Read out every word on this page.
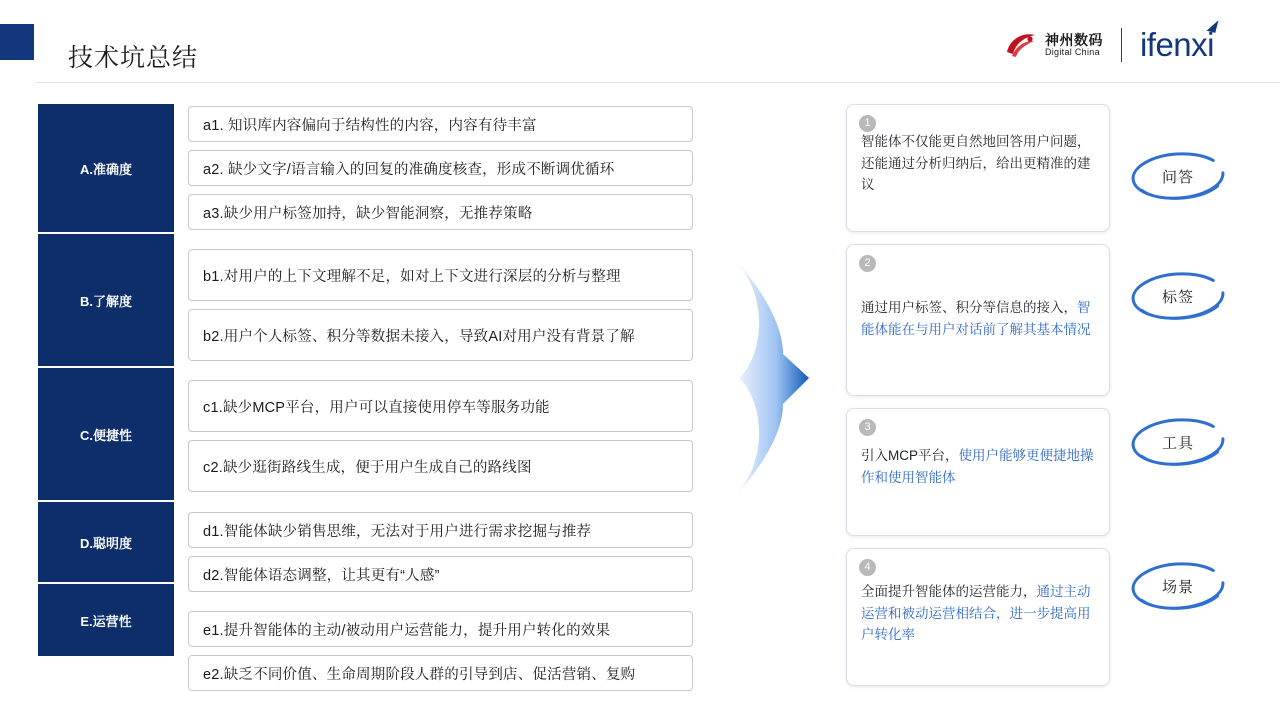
技术坑总结
神州数码
Digital China ifenxi
A.准确度
B.了解度
C.便捷性
D.聪明度
E.运营性
a1. 知识库内容偏向于结构性的内容，内容有待丰富
a2. 缺少文字/语言输入的回复的准确度核查，形成不断调优循环
a3.缺少用户标签加持，缺少智能洞察，无推荐策略
b1.对用户的上下文理解不足，如对上下文进行深层的分析与整理
b2.用户个人标签、积分等数据未接入，导致AI对用户没有背景了解
c1.缺少MCP平台，用户可以直接使用停车等服务功能
c2.缺少逛街路线生成，便于用户生成自己的路线图
d1.智能体缺少销售思维，无法对于用户进行需求挖掘与推荐
d2.智能体语态调整，让其更有“人感”
e1.提升智能体的主动/被动用户运营能力，提升用户转化的效果
e2.缺乏不同价值、生命周期阶段人群的引导到店、促活营销、复购
1

智能体不仅能更自然地回答用户问题，还能通过分析归纳后，给出更精准的建议

2

通过用户标签、积分等信息的接入，智能体能在与用户对话前了解其基本情况

3

引入MCP平台，使用户能够更便捷地操作和使用智能体

4

全面提升智能体的运营能力，通过主动运营和被动运营相结合，进一步提高用户转化率

问答
标签
工具
场景
